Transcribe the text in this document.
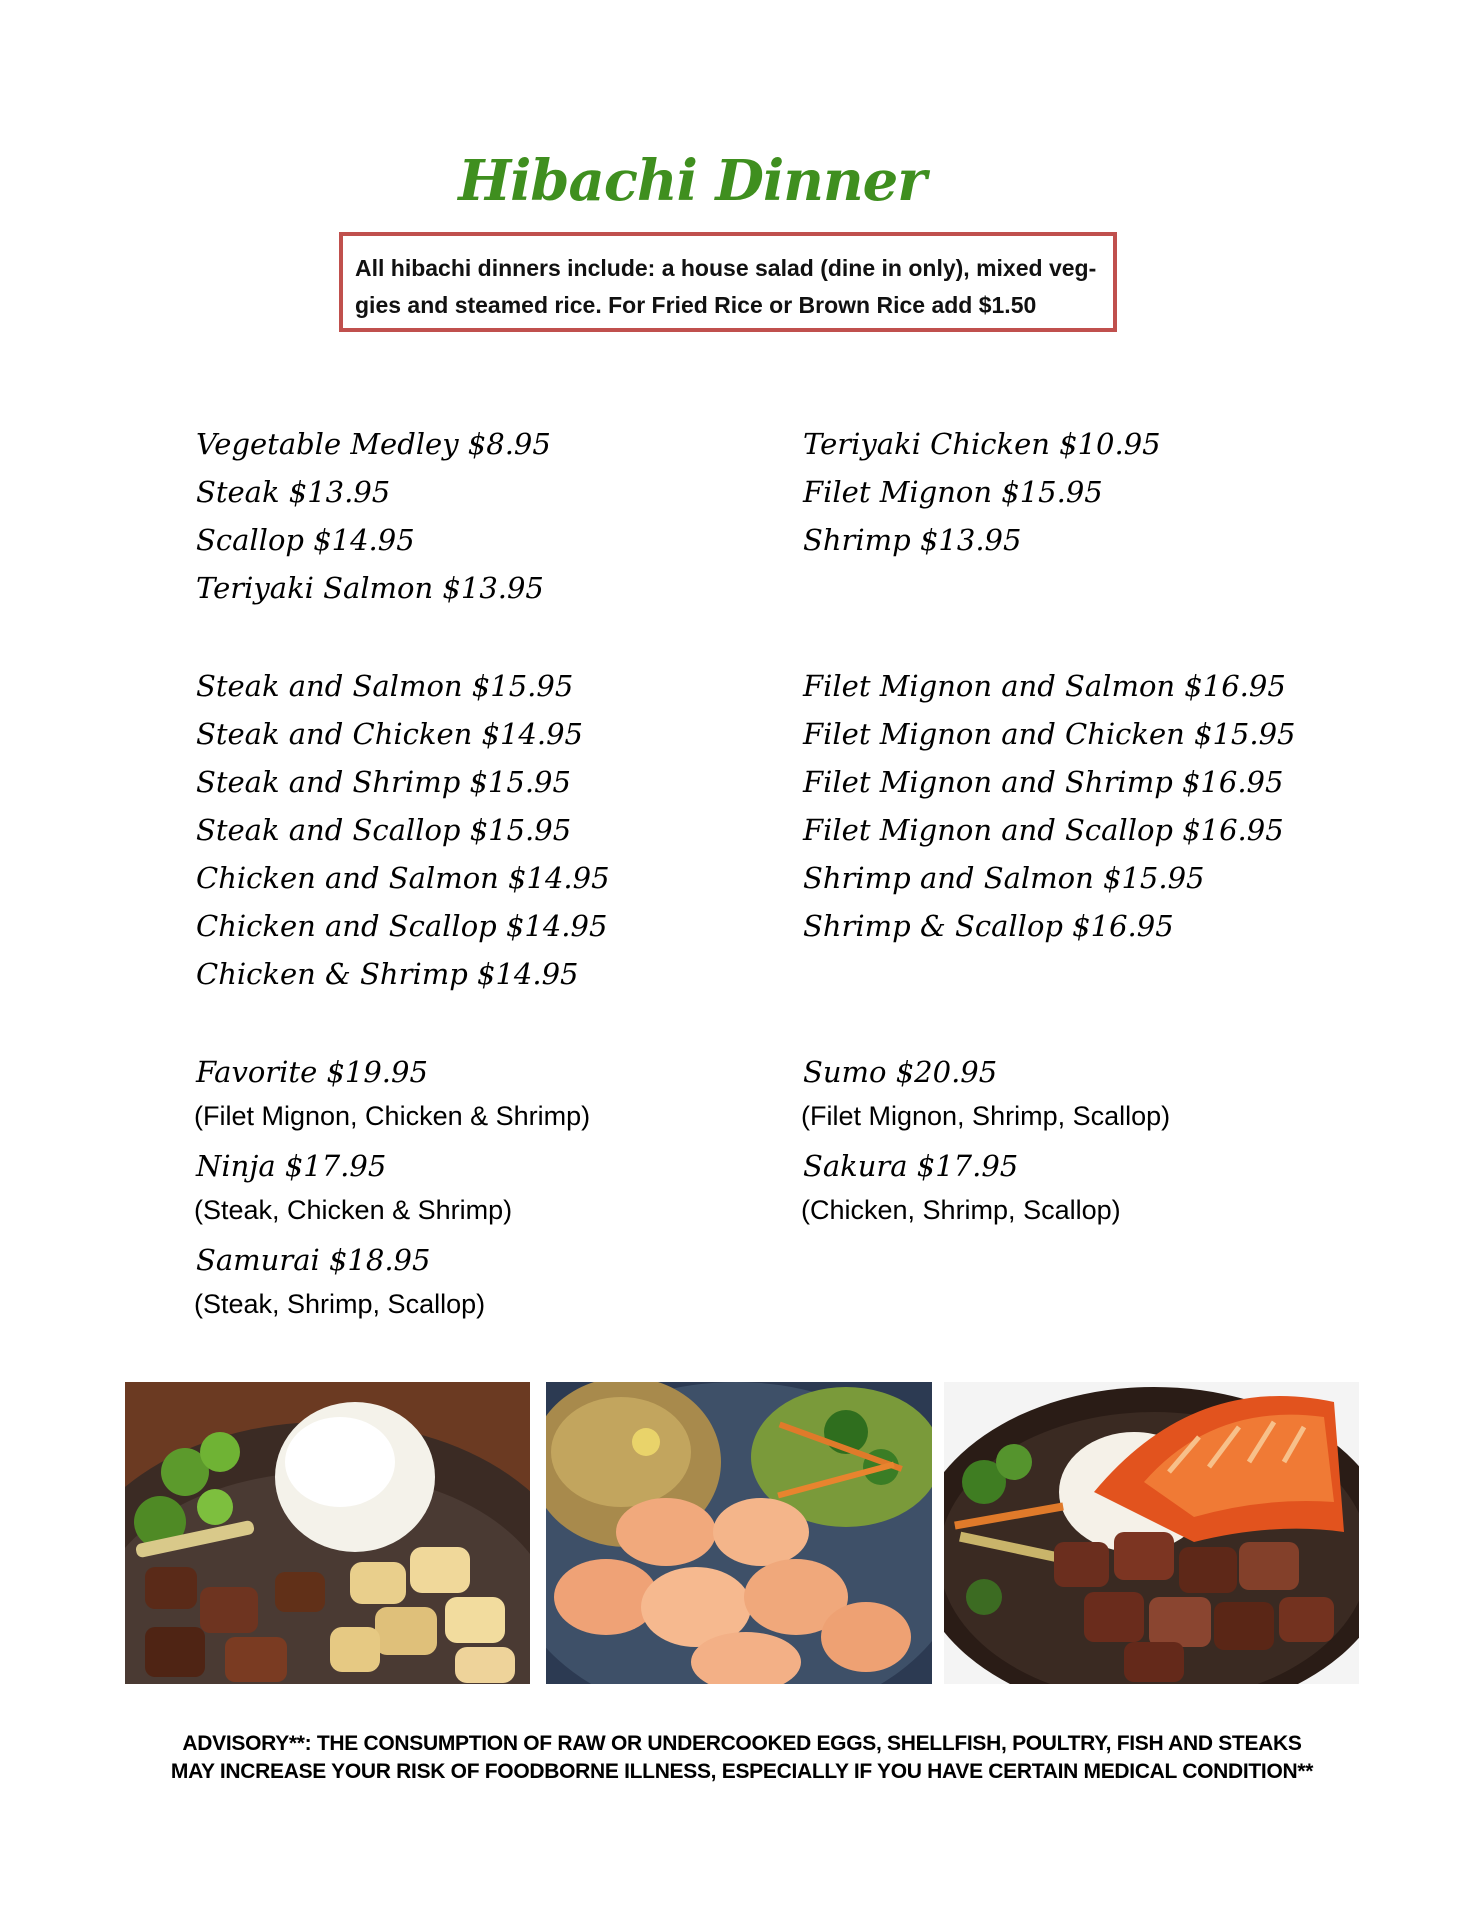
Hibachi Dinner
All hibachi dinners include: a house salad (dine in only), mixed veg-
gies and steamed rice. For Fried Rice or Brown Rice add $1.50
Vegetable Medley $8.95
Steak $13.95
Scallop $14.95
Teriyaki Salmon $13.95
Steak and Salmon $15.95
Steak and Chicken $14.95
Steak and Shrimp $15.95
Steak and Scallop $15.95
Chicken and Salmon $14.95
Chicken and Scallop $14.95
Chicken & Shrimp $14.95
Favorite $19.95
(Filet Mignon, Chicken & Shrimp)
Ninja $17.95
(Steak, Chicken & Shrimp)
Samurai $18.95
(Steak, Shrimp, Scallop)
Teriyaki Chicken $10.95
Filet Mignon $15.95
Shrimp $13.95
Filet Mignon and Salmon $16.95
Filet Mignon and Chicken $15.95
Filet Mignon and Shrimp $16.95
Filet Mignon and Scallop $16.95
Shrimp and Salmon $15.95
Shrimp & Scallop $16.95
Sumo $20.95
(Filet Mignon, Shrimp, Scallop)
Sakura $17.95
(Chicken, Shrimp, Scallop)
ADVISORY**: THE CONSUMPTION OF RAW OR UNDERCOOKED EGGS, SHELLFISH, POULTRY, FISH AND STEAKS
MAY INCREASE YOUR RISK OF FOODBORNE ILLNESS, ESPECIALLY IF YOU HAVE CERTAIN MEDICAL CONDITION**
